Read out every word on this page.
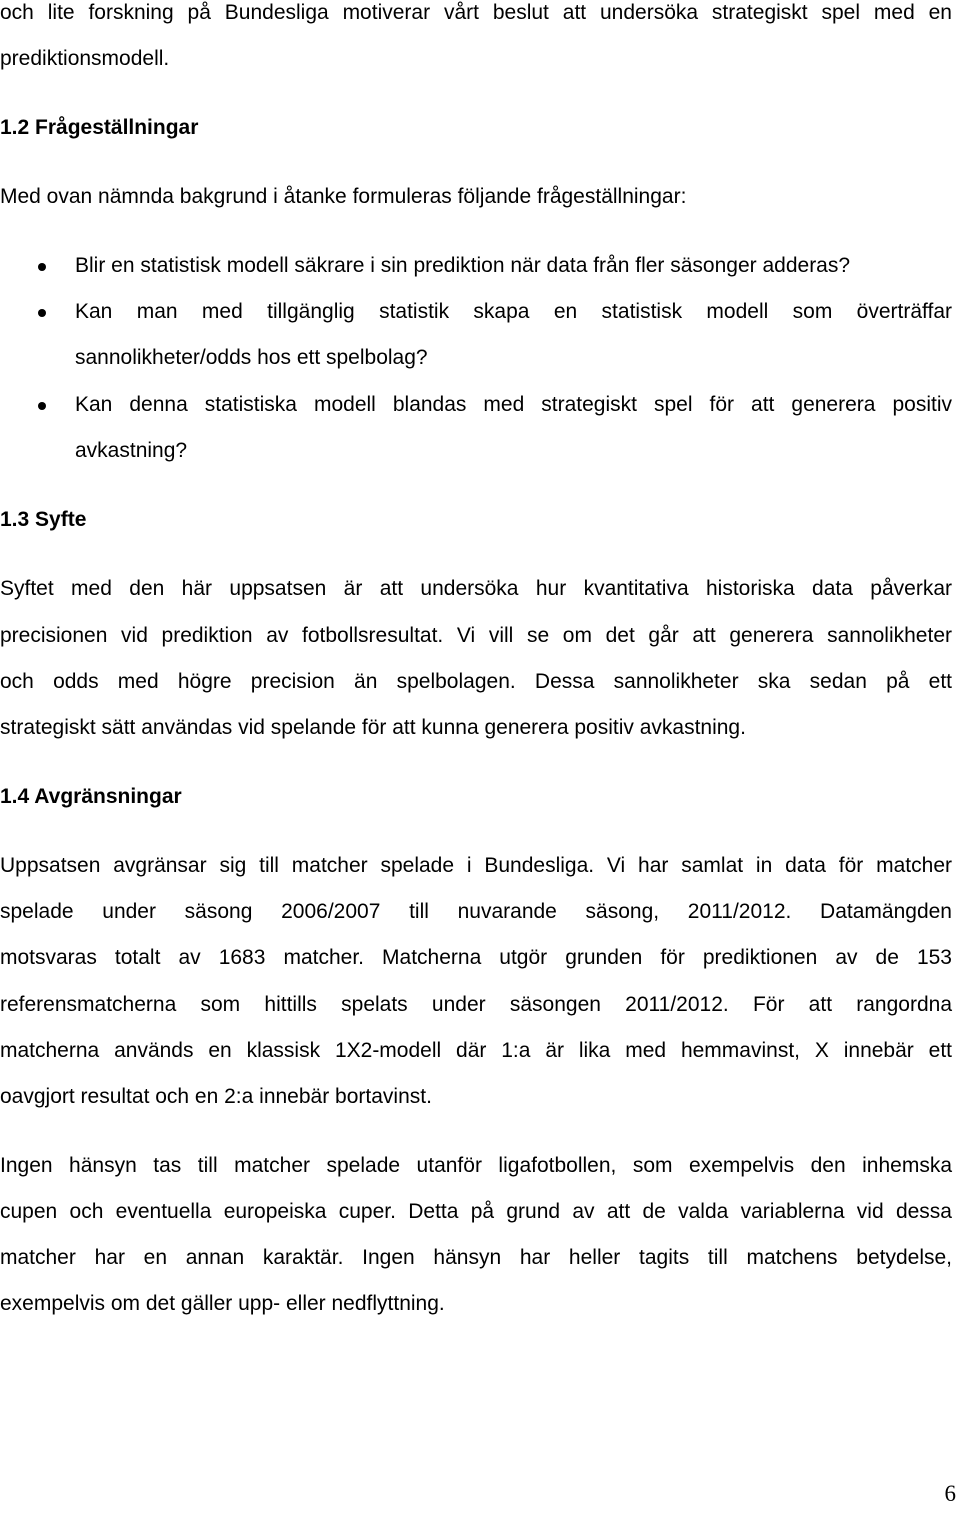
och lite forskning på Bundesliga motiverar vårt beslut att undersöka strategiskt spel med en
prediktionsmodell.
1.2 Frågeställningar
Med ovan nämnda bakgrund i åtanke formuleras följande frågeställningar:
Blir en statistisk modell säkrare i sin prediktion när data från fler säsonger adderas?
Kan man med tillgänglig statistik skapa en statistisk modell som överträffar
sannolikheter/odds hos ett spelbolag?
Kan denna statistiska modell blandas med strategiskt spel för att generera positiv
avkastning?
1.3 Syfte
Syftet med den här uppsatsen är att undersöka hur kvantitativa historiska data påverkar
precisionen vid prediktion av fotbollsresultat. Vi vill se om det går att generera sannolikheter
och odds med högre precision än spelbolagen. Dessa sannolikheter ska sedan på ett
strategiskt sätt användas vid spelande för att kunna generera positiv avkastning.
1.4 Avgränsningar
Uppsatsen avgränsar sig till matcher spelade i Bundesliga. Vi har samlat in data för matcher
spelade under säsong 2006/2007 till nuvarande säsong, 2011/2012. Datamängden
motsvaras totalt av 1683 matcher. Matcherna utgör grunden för prediktionen av de 153
referensmatcherna som hittills spelats under säsongen 2011/2012. För att rangordna
matcherna används en klassisk 1X2-modell där 1:a är lika med hemmavinst, X innebär ett
oavgjort resultat och en 2:a innebär bortavinst.
Ingen hänsyn tas till matcher spelade utanför ligafotbollen, som exempelvis den inhemska
cupen och eventuella europeiska cuper. Detta på grund av att de valda variablerna vid dessa
matcher har en annan karaktär. Ingen hänsyn har heller tagits till matchens betydelse,
exempelvis om det gäller upp- eller nedflyttning.
6
